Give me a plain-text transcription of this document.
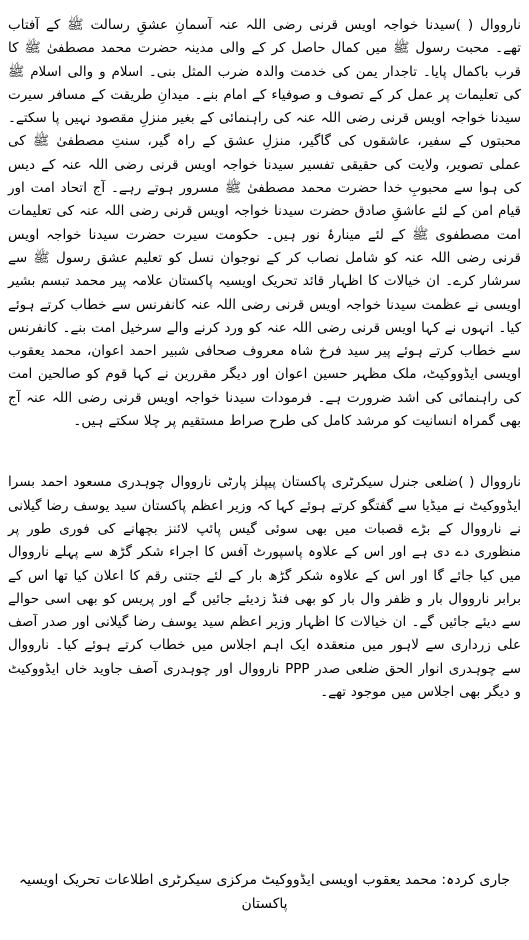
نارووال ( )سیدنا خواجہ اویس قرنی رضی اللہ عنہ آسمانِ عشقِ رسالت ﷺ کے آفتاب تھے۔ محبت رسول ﷺ میں کمال حاصل کر کے والی مدینہ حضرت محمد مصطفیٰ ﷺ کا قرب باکمال پایا۔ تاجدار یمن کی خدمت والدہ ضرب المثل بنی۔ اسلام و والی اسلام ﷺ کی تعلیمات پر عمل کر کے تصوف و صوفیاء کے امام بنے۔ میدانِ طریقت کے مسافر سیرت سیدنا خواجہ اویس قرنی رضی اللہ عنہ کی راہنمائی کے بغیر منزلِ مقصود نہیں پا سکتے۔ محبتوں کے سفیر، عاشقوں کی گاگیر، منزلِ عشق کے راہ گیر، سنتِ مصطفیٰ ﷺ کی عملی تصویر، ولایت کی حقیقی تفسیر سیدنا خواجہ اویس قرنی رضی اللہ عنہ کے دیس کی ہوا سے محبوبِ خدا حضرت محمد مصطفیٰ ﷺ مسرور ہوتے رہے۔ آج اتحاد امت اور قیام امن کے لئے عاشقِ صادق حضرت سیدنا خواجہ اویس قرنی رضی اللہ عنہ کی تعلیمات امت مصطفوی ﷺ کے لئے مینارۂ نور ہیں۔ حکومت سیرت حضرت سیدنا خواجہ اویس قرنی رضی اللہ عنہ کو شامل نصاب کر کے نوجوان نسل کو تعلیم عشق رسول ﷺ سے سرشار کرے۔ ان خیالات کا اظہار قائد تحریک اویسیہ پاکستان علامہ پیر محمد تبسم بشیر اویسی نے عظمت سیدنا خواجہ اویس قرنی رضی اللہ عنہ کانفرنس سے خطاب کرتے ہوئے کیا۔ انہوں نے کہا اویس قرنی رضی اللہ عنہ کو ورد کرنے والے سرخیل امت بنے۔ کانفرنس سے خطاب کرتے ہوئے پیر سید فرخ شاہ معروف صحافی شبیر احمد اعوان، محمد یعقوب اویسی ایڈووکیٹ، ملک مظہر حسین اعوان اور دیگر مقررین نے کہا قوم کو صالحین امت کی راہنمائی کی اشد ضرورت ہے۔ فرمودات سیدنا خواجہ اویس قرنی رضی اللہ عنہ آج بھی گمراہ انسانیت کو مرشد کامل کی طرح صراط مستقیم پر چلا سکتے ہیں۔

نارووال ( )ضلعی جنرل سیکرٹری پاکستان پیپلز پارٹی نارووال چوہدری مسعود احمد بسرا ایڈووکیٹ نے میڈیا سے گفتگو کرتے ہوئے کہا کہ وزیر اعظم پاکستان سید یوسف رضا گیلانی نے نارووال کے بڑے قصبات میں بھی سوئی گیس پائپ لائنز بچھانے کی فوری طور پر منظوری دے دی ہے اور اس کے علاوہ پاسپورٹ آفس کا اجراء شکر گڑھ سے پہلے نارووال میں کیا جائے گا اور اس کے علاوہ شکر گڑھ بار کے لئے جتنی رقم کا اعلان کیا تھا اس کے برابر نارووال بار و ظفر وال بار کو بھی فنڈ زدیئے جائیں گے اور پریس کو بھی اسی حوالے سے دیئے جائیں گے۔ ان خیالات کا اظہار وزیر اعظم سید یوسف رضا گیلانی اور صدر آصف علی زرداری سے لاہور میں منعقدہ ایک اہم اجلاس میں خطاب کرتے ہوئے کیا۔ نارووال سے چوہدری انوار الحق ضلعی صدر PPP نارووال اور چوہدری آصف جاوید خاں ایڈووکیٹ و دیگر بھی اجلاس میں موجود تھے۔

جاری کردہ: محمد یعقوب اویسی ایڈووکیٹ مرکزی سیکرٹری اطلاعات تحریک اویسیہ پاکستان
